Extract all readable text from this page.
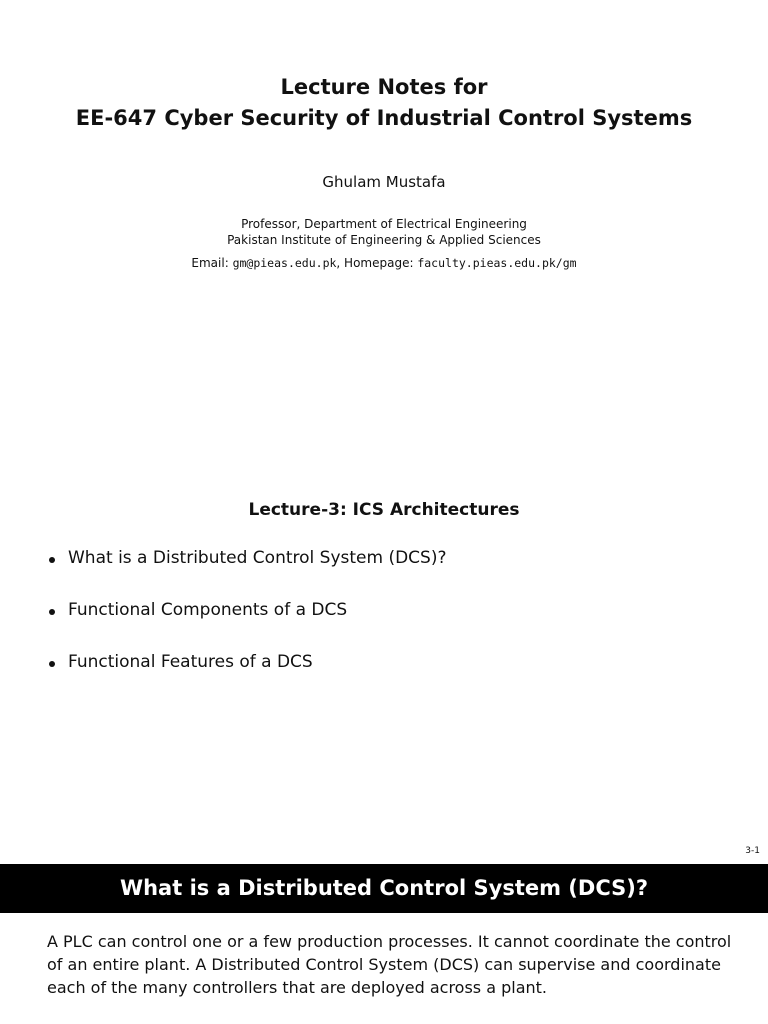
Lecture Notes for
EE-647 Cyber Security of Industrial Control Systems
Ghulam Mustafa
Professor, Department of Electrical Engineering
Pakistan Institute of Engineering & Applied Sciences
Email: gm@pieas.edu.pk, Homepage: faculty.pieas.edu.pk/gm
Lecture-3: ICS Architectures
What is a Distributed Control System (DCS)?
Functional Components of a DCS
Functional Features of a DCS
3-1
What is a Distributed Control System (DCS)?

A PLC can control one or a few production processes. It cannot coordinate the control of an entire plant. A Distributed Control System (DCS) can supervise and coordinate each of the many controllers that are deployed across a plant.
